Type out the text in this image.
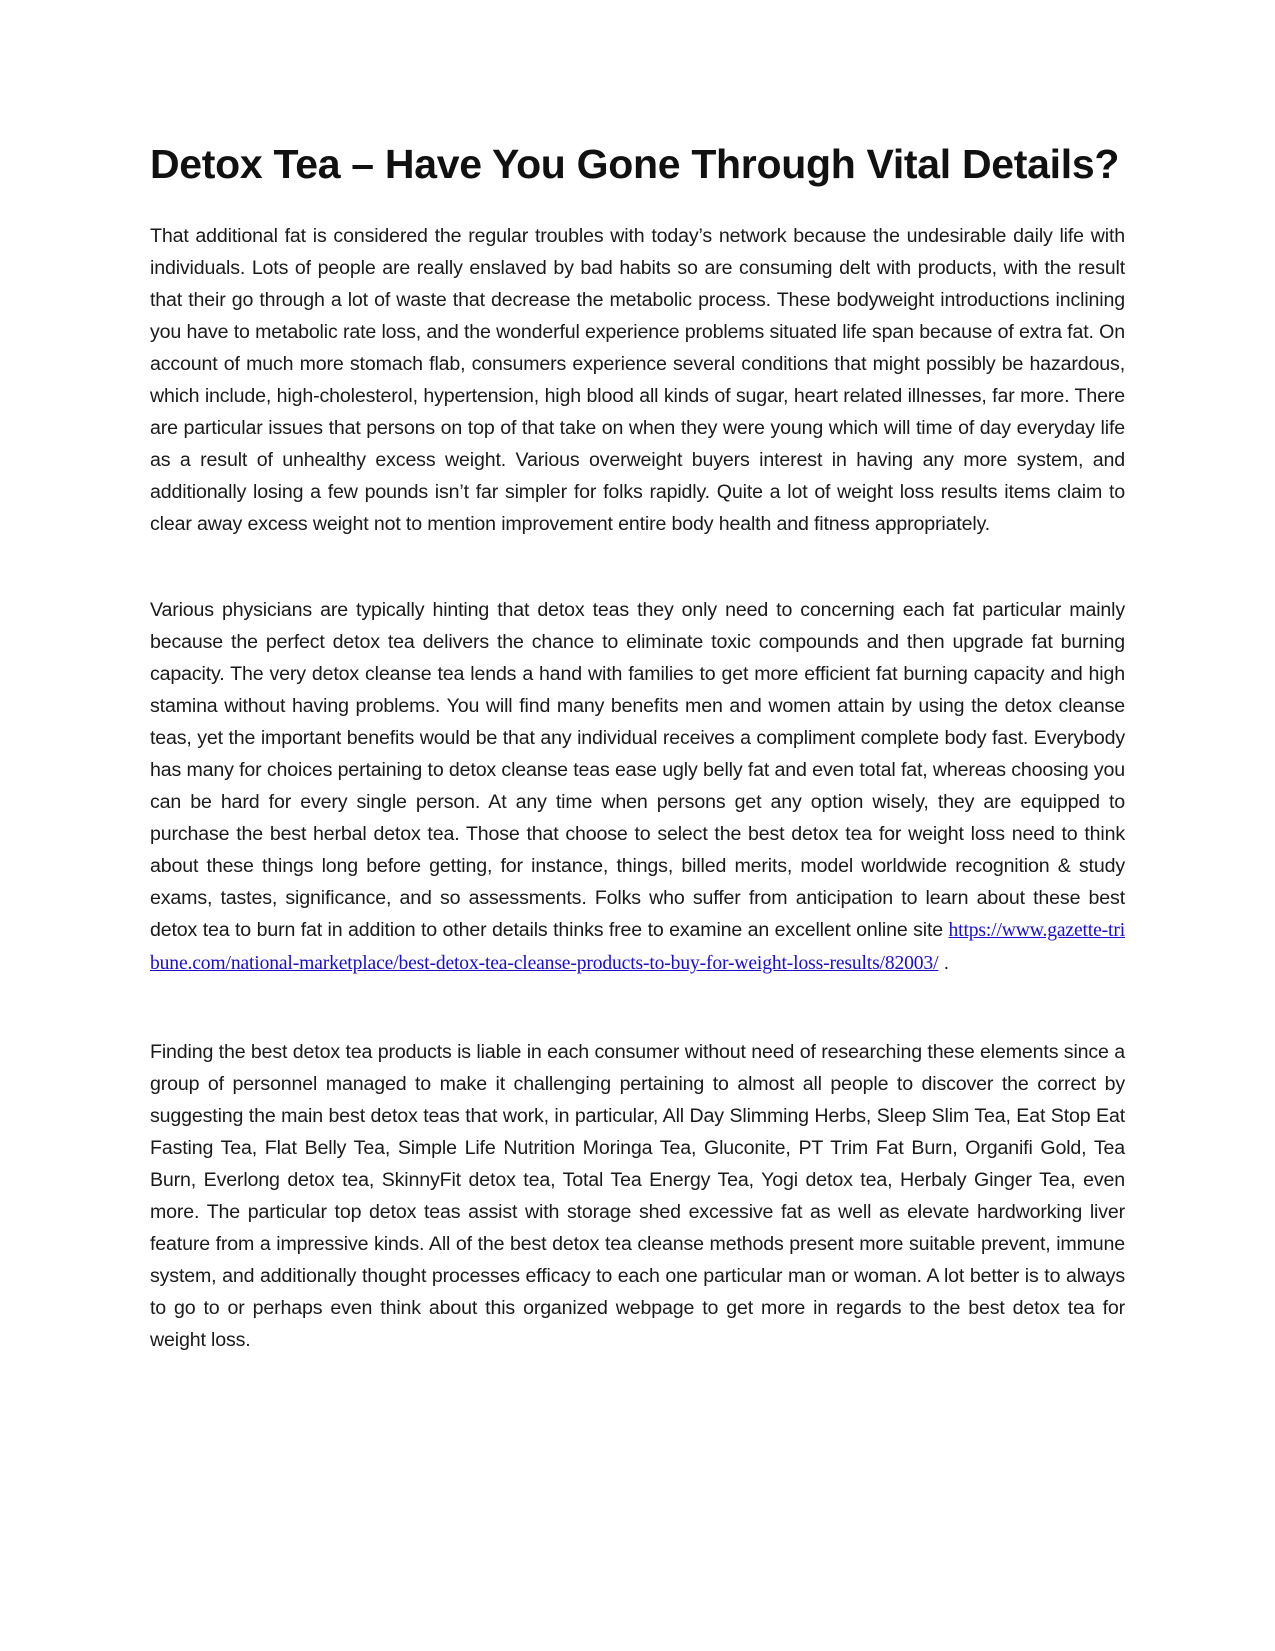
Detox Tea – Have You Gone Through Vital Details?

That additional fat is considered the regular troubles with today’s network because the undesirable daily life with individuals. Lots of people are really enslaved by bad habits so are consuming delt with products, with the result that their go through a lot of waste that decrease the metabolic process. These bodyweight introductions inclining you have to metabolic rate loss, and the wonderful experience problems situated life span because of extra fat. On account of much more stomach flab, consumers experience several conditions that might possibly be hazardous, which include, high-cholesterol, hypertension, high blood all kinds of sugar, heart related illnesses, far more. There are particular issues that persons on top of that take on when they were young which will time of day everyday life as a result of unhealthy excess weight. Various overweight buyers interest in having any more system, and additionally losing a few pounds isn’t far simpler for folks rapidly. Quite a lot of weight loss results items claim to clear away excess weight not to mention improvement entire body health and fitness appropriately.

Various physicians are typically hinting that detox teas they only need to concerning each fat particular mainly because the perfect detox tea delivers the chance to eliminate toxic compounds and then upgrade fat burning capacity. The very detox cleanse tea lends a hand with families to get more efficient fat burning capacity and high stamina without having problems. You will find many benefits men and women attain by using the detox cleanse teas, yet the important benefits would be that any individual receives a compliment complete body fast. Everybody has many for choices pertaining to detox cleanse teas ease ugly belly fat and even total fat, whereas choosing you can be hard for every single person. At any time when persons get any option wisely, they are equipped to purchase the best herbal detox tea. Those that choose to select the best detox tea for weight loss need to think about these things long before getting, for instance, things, billed merits, model worldwide recognition & study exams, tastes, significance, and so assessments. Folks who suffer from anticipation to learn about these best detox tea to burn fat in addition to other details thinks free to examine an excellent online site https://www.gazette-tribune.com/national-marketplace/best-detox-tea-cleanse-products-to-buy-for-weight-loss-results/82003/ .

Finding the best detox tea products is liable in each consumer without need of researching these elements since a group of personnel managed to make it challenging pertaining to almost all people to discover the correct by suggesting the main best detox teas that work, in particular, All Day Slimming Herbs, Sleep Slim Tea, Eat Stop Eat Fasting Tea, Flat Belly Tea, Simple Life Nutrition Moringa Tea, Gluconite, PT Trim Fat Burn, Organifi Gold, Tea Burn, Everlong detox tea, SkinnyFit detox tea, Total Tea Energy Tea, Yogi detox tea, Herbaly Ginger Tea, even more. The particular top detox teas assist with storage shed excessive fat as well as elevate hardworking liver feature from a impressive kinds. All of the best detox tea cleanse methods present more suitable prevent, immune system, and additionally thought processes efficacy to each one particular man or woman. A lot better is to always to go to or perhaps even think about this organized webpage to get more in regards to the best detox tea for weight loss.
